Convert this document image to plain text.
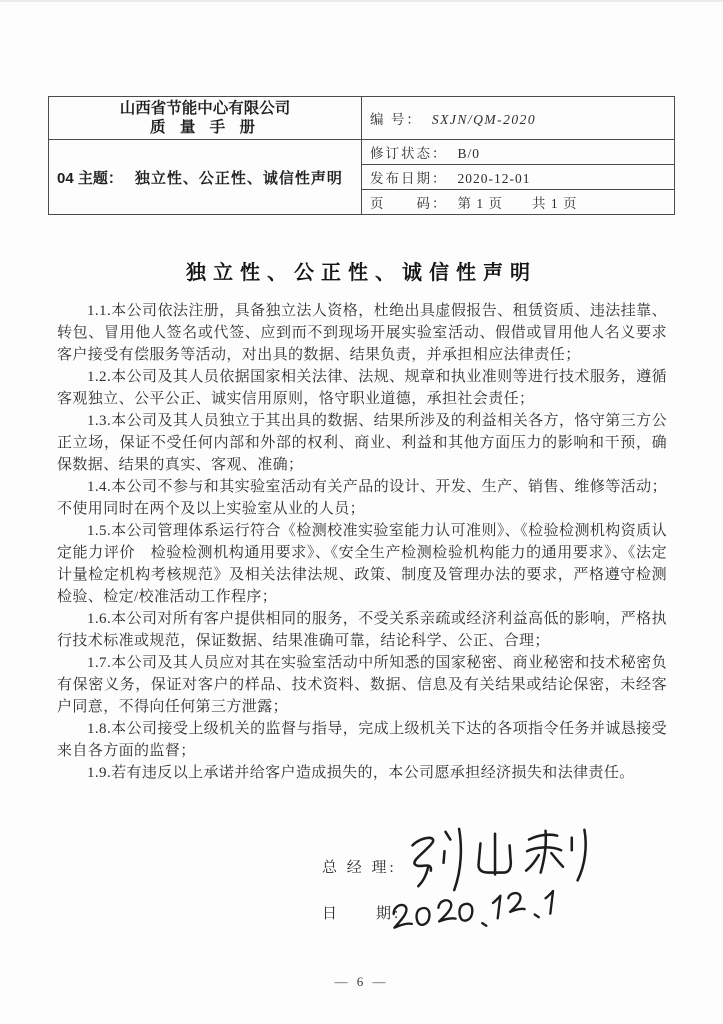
山西省节能中心有限公司
质 量 手 册	编 号： SXJN/QM-2020
04 主题： 独立性、公正性、诚信性声明	修订状态： B/0
	发布日期： 2020-12-01
	页　　码： 第 1 页　　共 1 页
独立性、公正性、诚信性声明

1.1.本公司依法注册，具备独立法人资格，杜绝出具虚假报告、租赁资质、违法挂靠、转包、冒用他人签名或代签、应到而不到现场开展实验室活动、假借或冒用他人名义要求客户接受有偿服务等活动，对出具的数据、结果负责，并承担相应法律责任；

1.2.本公司及其人员依据国家相关法律、法规、规章和执业准则等进行技术服务，遵循客观独立、公平公正、诚实信用原则，恪守职业道德，承担社会责任；

1.3.本公司及其人员独立于其出具的数据、结果所涉及的利益相关各方，恪守第三方公正立场，保证不受任何内部和外部的权利、商业、利益和其他方面压力的影响和干预，确保数据、结果的真实、客观、准确；

1.4.本公司不参与和其实验室活动有关产品的设计、开发、生产、销售、维修等活动；不使用同时在两个及以上实验室从业的人员；

1.5.本公司管理体系运行符合《检测校准实验室能力认可准则》、《检验检测机构资质认定能力评价　检验检测机构通用要求》、《安全生产检测检验机构能力的通用要求》、《法定计量检定机构考核规范》及相关法律法规、政策、制度及管理办法的要求，严格遵守检测检验、检定/校准活动工作程序；

1.6.本公司对所有客户提供相同的服务，不受关系亲疏或经济利益高低的影响，严格执行技术标准或规范，保证数据、结果准确可靠，结论科学、公正、合理；

1.7.本公司及其人员应对其在实验室活动中所知悉的国家秘密、商业秘密和技术秘密负有保密义务，保证对客户的样品、技术资料、数据、信息及有关结果或结论保密，未经客户同意，不得向任何第三方泄露；

1.8.本公司接受上级机关的监督与指导，完成上级机关下达的各项指令任务并诚恳接受来自各方面的监督；

1.9.若有违反以上承诺并给客户造成损失的，本公司愿承担经济损失和法律责任。

总 经 理:
日　　期:
— 6 —
